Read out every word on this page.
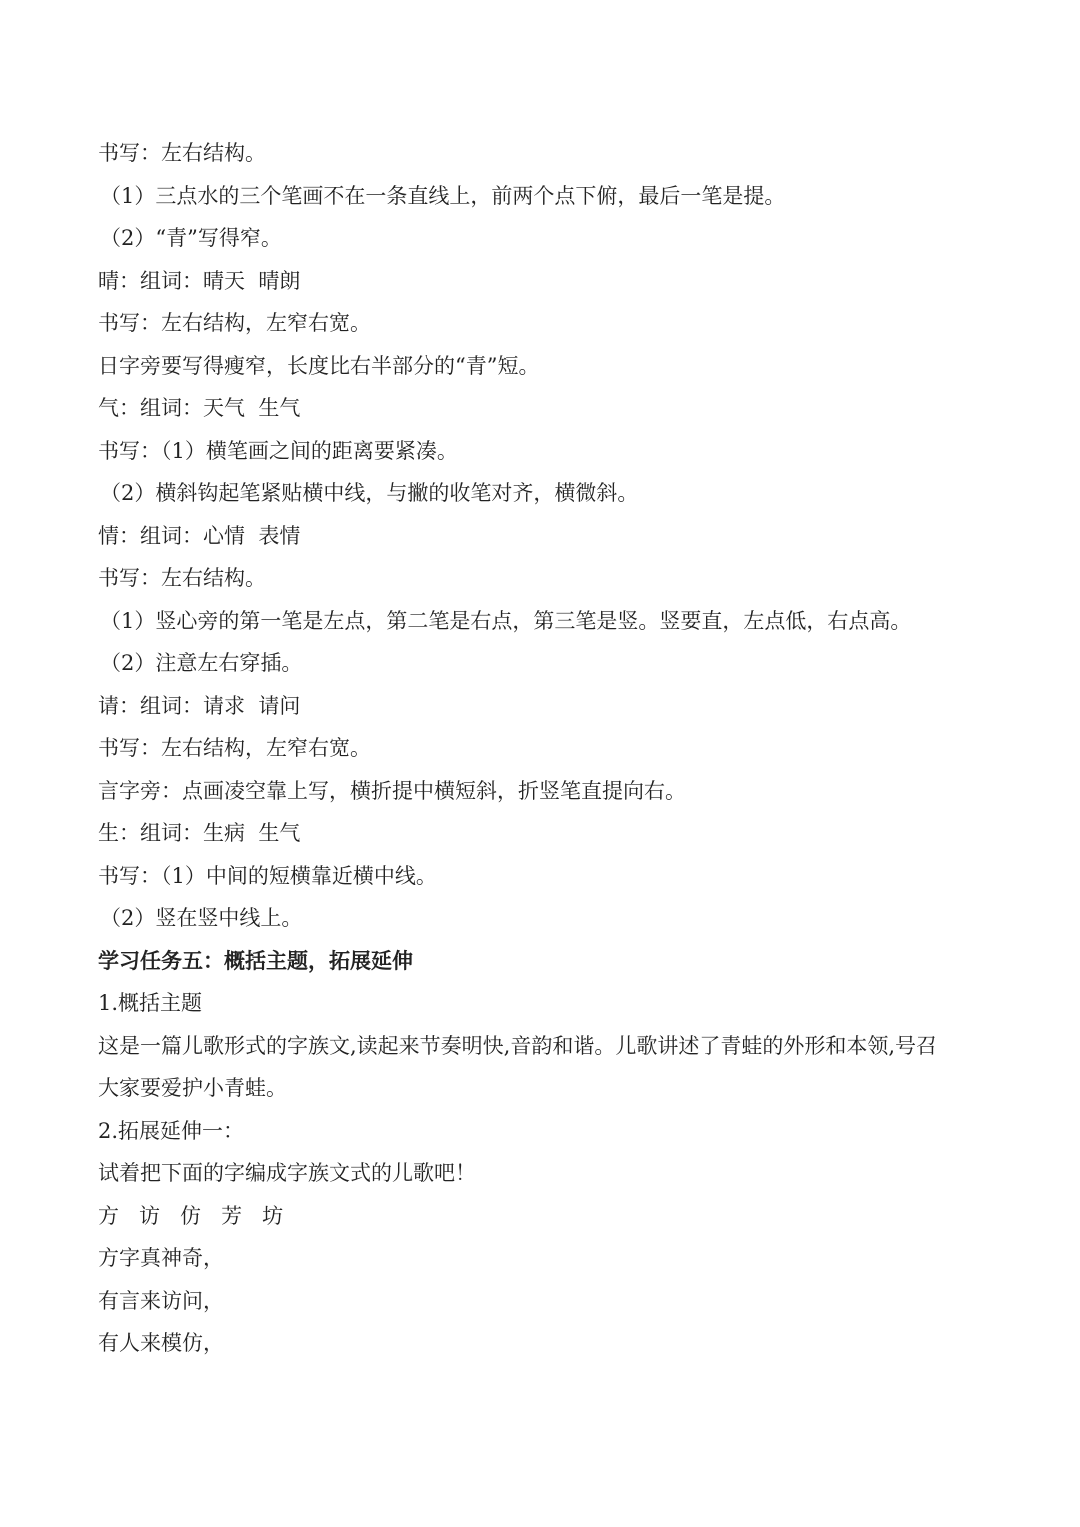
书写：左右结构。
（1）三点水的三个笔画不在一条直线上，前两个点下俯，最后一笔是提。
（2）“青”写得窄。
晴：组词：晴天  晴朗
书写：左右结构，左窄右宽。
日字旁要写得瘦窄，长度比右半部分的“青”短。
气：组词：天气  生气
书写：（1）横笔画之间的距离要紧凑。
（2）横斜钩起笔紧贴横中线，与撇的收笔对齐，横微斜。
情：组词：心情  表情
书写：左右结构。
（1）竖心旁的第一笔是左点，第二笔是右点，第三笔是竖。竖要直，左点低，右点高。
（2）注意左右穿插。
请：组词：请求  请问
书写：左右结构，左窄右宽。
言字旁：点画凌空靠上写，横折提中横短斜，折竖笔直提向右。
生：组词：生病  生气
书写：（1）中间的短横靠近横中线。
（2）竖在竖中线上。
学习任务五：概括主题，拓展延伸
1.概括主题
这是一篇儿歌形式的字族文,读起来节奏明快,音韵和谐。儿歌讲述了青蛙的外形和本领,号召
大家要爱护小青蛙。
2.拓展延伸一：
试着把下面的字编成字族文式的儿歌吧！
方   访   仿   芳   坊
方字真神奇，
有言来访问，
有人来模仿，
